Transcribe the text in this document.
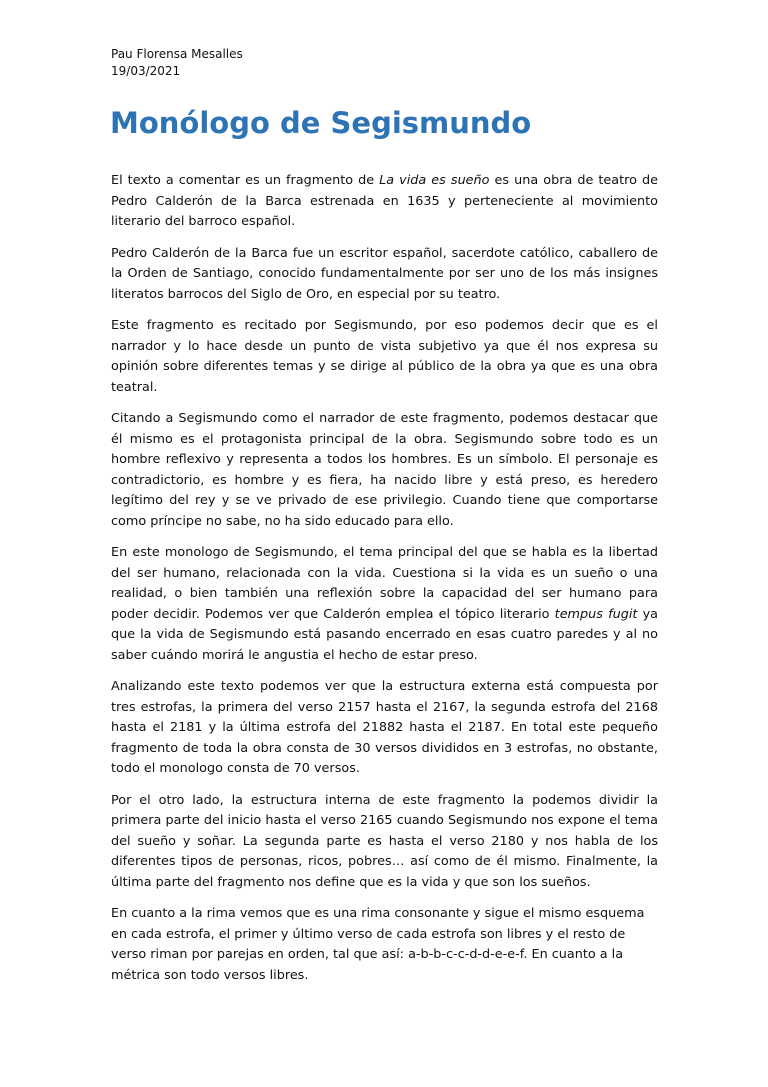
Pau Florensa Mesalles
19/03/2021
Monólogo de Segismundo

El texto a comentar es un fragmento de La vida es sueño es una obra de teatro de Pedro Calderón de la Barca estrenada en 1635 y perteneciente al movimiento literario del barroco español.

Pedro Calderón de la Barca fue un escritor español, sacerdote católico, caballero de la Orden de Santiago, conocido fundamentalmente por ser uno de los más insignes literatos barrocos del Siglo de Oro, en especial por su teatro.

Este fragmento es recitado por Segismundo, por eso podemos decir que es el narrador y lo hace desde un punto de vista subjetivo ya que él nos expresa su opinión sobre diferentes temas y se dirige al público de la obra ya que es una obra teatral.

Citando a Segismundo como el narrador de este fragmento, podemos destacar que él mismo es el protagonista principal de la obra. Segismundo sobre todo es un hombre reflexivo y representa a todos los hombres. Es un símbolo. El personaje es contradictorio, es hombre y es fiera, ha nacido libre y está preso, es heredero legítimo del rey y se ve privado de ese privilegio. Cuando tiene que comportarse como príncipe no sabe, no ha sido educado para ello.

En este monologo de Segismundo, el tema principal del que se habla es la libertad del ser humano, relacionada con la vida. Cuestiona si la vida es un sueño o una realidad, o bien también una reflexión sobre la capacidad del ser humano para poder decidir. Podemos ver que Calderón emplea el tópico literario tempus fugit ya que la vida de Segismundo está pasando encerrado en esas cuatro paredes y al no saber cuándo morirá le angustia el hecho de estar preso.

Analizando este texto podemos ver que la estructura externa está compuesta por tres estrofas, la primera del verso 2157 hasta el 2167, la segunda estrofa del 2168 hasta el 2181 y la última estrofa del 21882 hasta el 2187. En total este pequeño fragmento de toda la obra consta de 30 versos divididos en 3 estrofas, no obstante, todo el monologo consta de 70 versos.

Por el otro lado, la estructura interna de este fragmento la podemos dividir la primera parte del inicio hasta el verso 2165 cuando Segismundo nos expone el tema del sueño y soñar. La segunda parte es hasta el verso 2180 y nos habla de los diferentes tipos de personas, ricos, pobres… así como de él mismo. Finalmente, la última parte del fragmento nos define que es la vida y que son los sueños.

En cuanto a la rima vemos que es una rima consonante y sigue el mismo esquema en cada estrofa, el primer y último verso de cada estrofa son libres y el resto de verso riman por parejas en orden, tal que así: a-b-b-c-c-d-d-e-e-f. En cuanto a la métrica son todo versos libres.
